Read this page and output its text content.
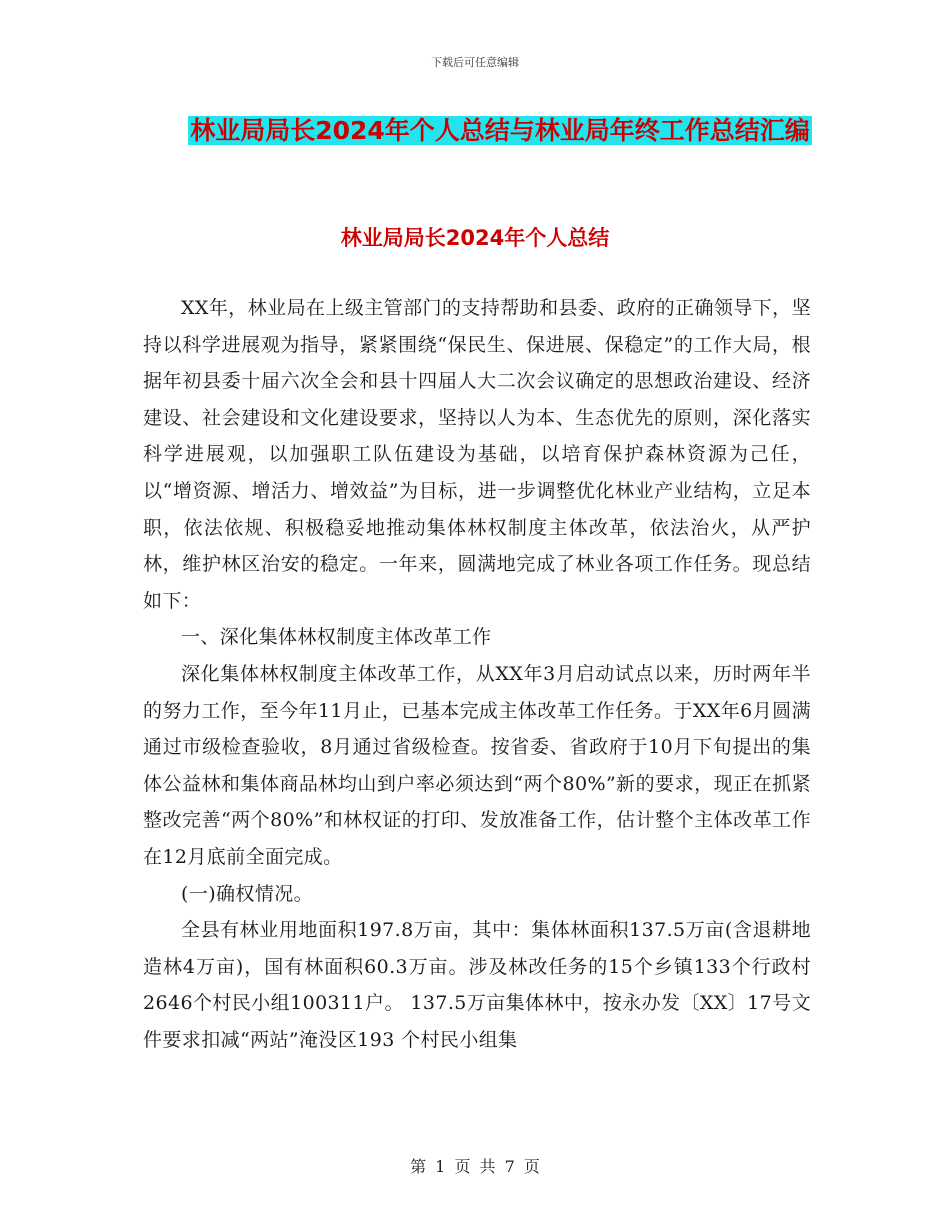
下载后可任意编辑
林业局局长2024年个人总结与林业局年终工作总结汇编
林业局局长2024年个人总结

XX年，林业局在上级主管部门的支持帮助和县委、政府的正确领导下，坚持以科学进展观为指导，紧紧围绕“保民生、保进展、保稳定”的工作大局，根据年初县委十届六次全会和县十四届人大二次会议确定的思想政治建设、经济建设、社会建设和文化建设要求，坚持以人为本、生态优先的原则，深化落实科学进展观，以加强职工队伍建设为基础，以培育保护森林资源为己任，以“增资源、增活力、增效益”为目标，进一步调整优化林业产业结构，立足本职，依法依规、积极稳妥地推动集体林权制度主体改革，依法治火，从严护林，维护林区治安的稳定。一年来，圆满地完成了林业各项工作任务。现总结如下：

一、深化集体林权制度主体改革工作

深化集体林权制度主体改革工作，从XX年3月启动试点以来，历时两年半的努力工作，至今年11月止，已基本完成主体改革工作任务。于XX年6月圆满通过市级检查验收，8月通过省级检查。按省委、省政府于10月下旬提出的集体公益林和集体商品林均山到户率必须达到“两个80%”新的要求，现正在抓紧整改完善“两个80%”和林权证的打印、发放准备工作，估计整个主体改革工作在12月底前全面完成。

(一)确权情况。

全县有林业用地面积197.8万亩，其中：集体林面积137.5万亩(含退耕地造林4万亩)，国有林面积60.3万亩。涉及林改任务的15个乡镇133个行政村2646个村民小组100311户。 137.5万亩集体林中，按永办发〔XX〕17号文件要求扣减“两站”淹没区193 个村民小组集

第 1 页 共 7 页
